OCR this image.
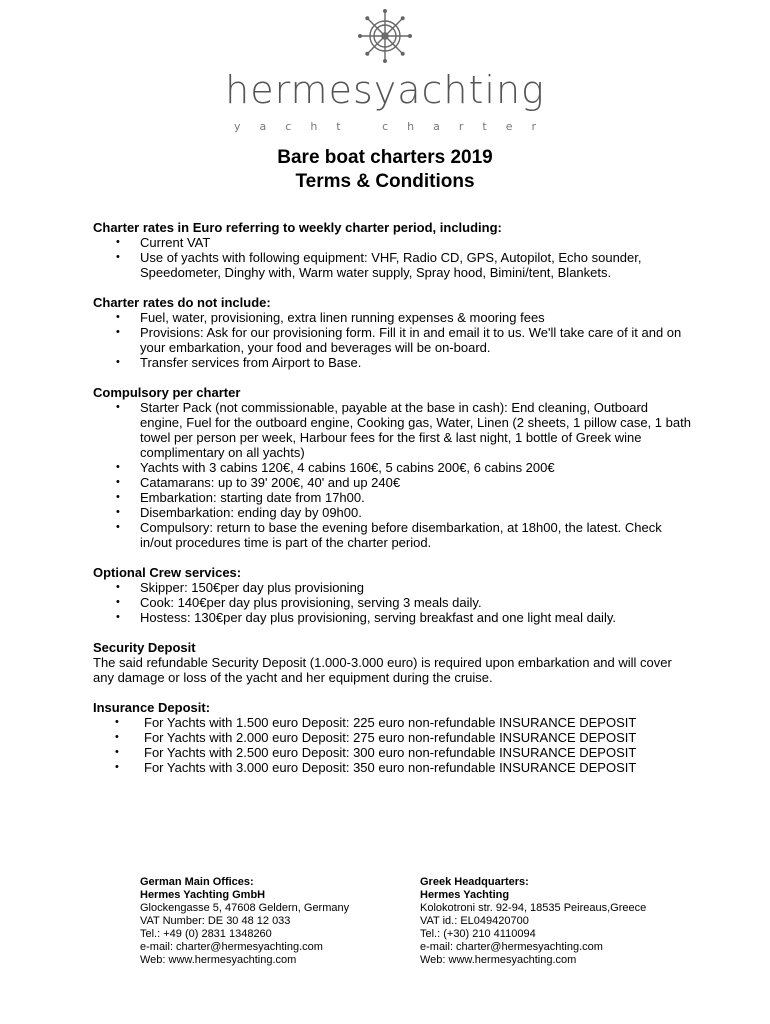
hermesyachting
yacht charter
Bare boat charters 2019
Terms & Conditions
Charter rates in Euro referring to weekly charter period, including:
• Current VAT
• Use of yachts with following equipment: VHF, Radio CD, GPS, Autopilot, Echo sounder, Speedometer, Dinghy with, Warm water supply, Spray hood, Bimini/tent, Blankets.
Charter rates do not include:
• Fuel, water, provisioning, extra linen running expenses & mooring fees
• Provisions: Ask for our provisioning form. Fill it in and email it to us. We'll take care of it and on your embarkation, your food and beverages will be on-board.
• Transfer services from Airport to Base.
Compulsory per charter
• Starter Pack (not commissionable, payable at the base in cash): End cleaning, Outboard engine, Fuel for the outboard engine, Cooking gas, Water, Linen (2 sheets, 1 pillow case, 1 bath towel per person per week, Harbour fees for the first & last night, 1 bottle of Greek wine complimentary on all yachts)
• Yachts with 3 cabins 120€, 4 cabins 160€, 5 cabins 200€, 6 cabins 200€
• Catamarans: up to 39' 200€, 40' and up 240€
• Embarkation: starting date from 17h00.
• Disembarkation: ending day by 09h00.
• Compulsory: return to base the evening before disembarkation, at 18h00, the latest. Check in/out procedures time is part of the charter period.
Optional Crew services:
• Skipper: 150€per day plus provisioning
• Cook: 140€per day plus provisioning, serving 3 meals daily.
• Hostess: 130€per day plus provisioning, serving breakfast and one light meal daily.
Security Deposit

The said refundable Security Deposit (1.000-3.000 euro) is required upon embarkation and will cover any damage or loss of the yacht and her equipment during the cruise.

Insurance Deposit:
• For Yachts with 1.500 euro Deposit: 225 euro non-refundable INSURANCE DEPOSIT
• For Yachts with 2.000 euro Deposit: 275 euro non-refundable INSURANCE DEPOSIT
• For Yachts with 2.500 euro Deposit: 300 euro non-refundable INSURANCE DEPOSIT
• For Yachts with 3.000 euro Deposit: 350 euro non-refundable INSURANCE DEPOSIT
German Main Offices:
Hermes Yachting GmbH
Glockengasse 5, 47608 Geldern, Germany
VAT Number: DE 30 48 12 033
Tel.: +49 (0) 2831 1348260
e-mail: charter@hermesyachting.com
Web: www.hermesyachting.com
Greek Headquarters:
Hermes Yachting
Kolokotroni str. 92-94, 18535 Peireaus,Greece
VAT id.: EL049420700
Tel.: (+30) 210 4110094
e-mail: charter@hermesyachting.com
Web: www.hermesyachting.com
